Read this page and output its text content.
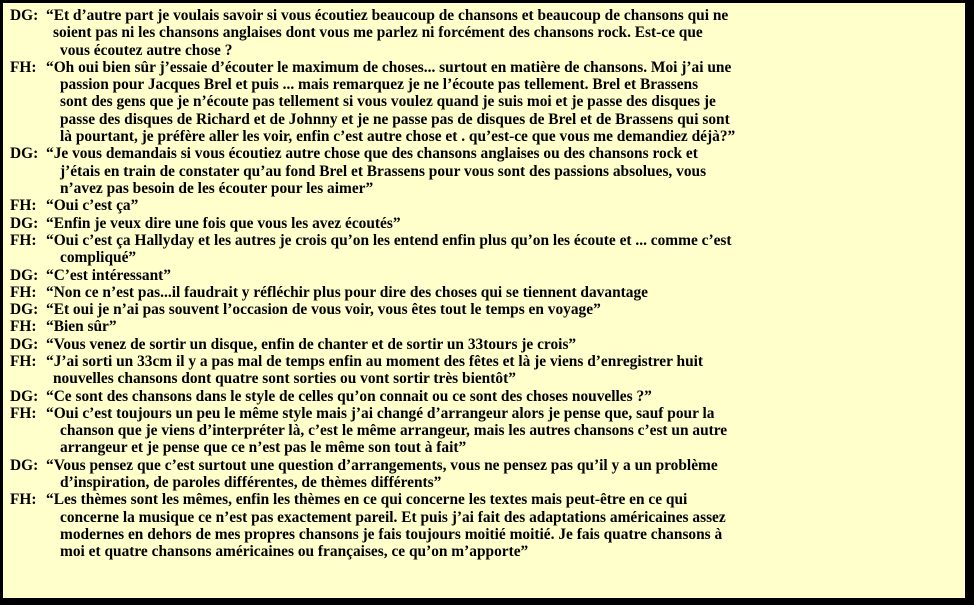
DG: “Et d’autre part je voulais savoir si vous écoutiez beaucoup de chansons et beaucoup de chansons qui ne
soient pas ni les chansons anglaises dont vous me parlez ni forcément des chansons rock. Est-ce que
vous écoutez autre chose ?
FH: “Oh oui bien sûr j’essaie d’écouter le maximum de choses... surtout en matière de chansons. Moi j’ai une
passion pour Jacques Brel et puis ... mais remarquez je ne l’écoute pas tellement. Brel et Brassens
sont des gens que je n’écoute pas tellement si vous voulez quand je suis moi et je passe des disques je
passe des disques de Richard et de Johnny et je ne passe pas de disques de Brel et de Brassens qui sont
là pourtant, je préfère aller les voir, enfin c’est autre chose et . qu’est-ce que vous me demandiez déjà?”
DG: “Je vous demandais si vous écoutiez autre chose que des chansons anglaises ou des chansons rock et
j’étais en train de constater qu’au fond Brel et Brassens pour vous sont des passions absolues, vous
n’avez pas besoin de les écouter pour les aimer”
FH: “Oui c’est ça”
DG: “Enfin je veux dire une fois que vous les avez écoutés”
FH: “Oui c’est ça Hallyday et les autres je crois qu’on les entend enfin plus qu’on les écoute et ... comme c’est
compliqué”
DG: “C’est intéressant”
FH: “Non ce n’est pas...il faudrait y réfléchir plus pour dire des choses qui se tiennent davantage
DG: “Et oui je n’ai pas souvent l’occasion de vous voir, vous êtes tout le temps en voyage”
FH: “Bien sûr”
DG: “Vous venez de sortir un disque, enfin de chanter et de sortir un 33tours je crois”
FH: “J’ai sorti un 33cm il y a pas mal de temps enfin au moment des fêtes et là je viens d’enregistrer huit
nouvelles chansons dont quatre sont sorties ou vont sortir très bientôt”
DG: “Ce sont des chansons dans le style de celles qu’on connait ou ce sont des choses nouvelles ?”
FH: “Oui c’est toujours un peu le même style mais j’ai changé d’arrangeur alors je pense que, sauf pour la
chanson que je viens d’interpréter là, c’est le même arrangeur, mais les autres chansons c’est un autre
arrangeur et je pense que ce n’est pas le même son tout à fait”
DG: “Vous pensez que c’est surtout une question d’arrangements, vous ne pensez pas qu’il y a un problème
d’inspiration, de paroles différentes, de thèmes différents”
FH: “Les thèmes sont les mêmes, enfin les thèmes en ce qui concerne les textes mais peut-être en ce qui
concerne la musique ce n’est pas exactement pareil. Et puis j’ai fait des adaptations américaines assez
modernes en dehors de mes propres chansons je fais toujours moitié moitié. Je fais quatre chansons à
moi et quatre chansons américaines ou françaises, ce qu’on m’apporte”
